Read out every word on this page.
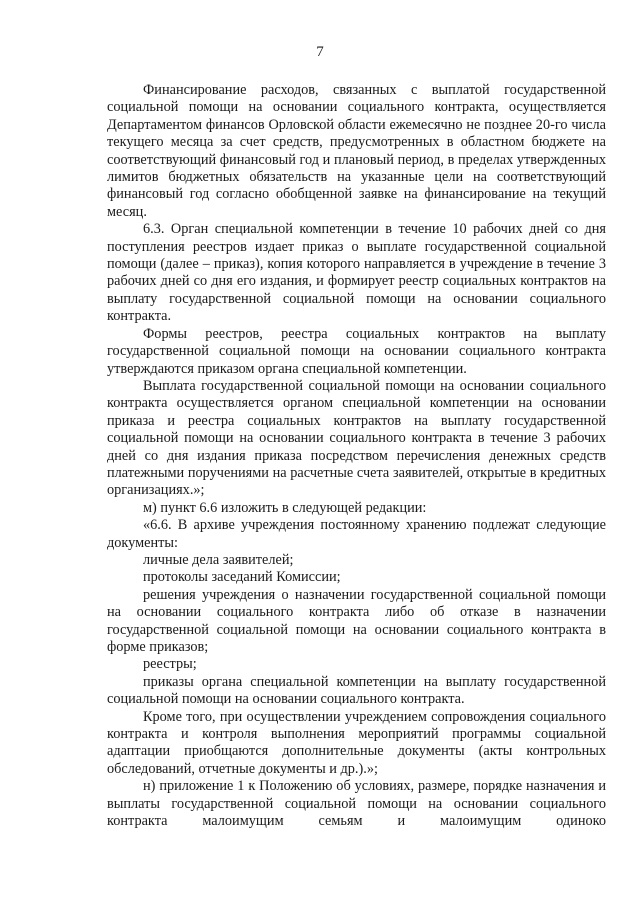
7

Финансирование расходов, связанных с выплатой государственной социальной помощи на основании социального контракта, осуществляется Департаментом финансов Орловской области ежемесячно не позднее 20-го числа текущего месяца за счет средств, предусмотренных в областном бюджете на соответствующий финансовый год и плановый период, в пределах утвержденных лимитов бюджетных обязательств на указанные цели на соответствующий финансовый год согласно обобщенной заявке на финансирование на текущий месяц.

6.3. Орган специальной компетенции в течение 10 рабочих дней со дня поступления реестров издает приказ о выплате государственной социальной помощи (далее – приказ), копия которого направляется в учреждение в течение 3 рабочих дней со дня его издания, и формирует реестр социальных контрактов на выплату государственной социальной помощи на основании социального контракта.

Формы реестров, реестра социальных контрактов на выплату государственной социальной помощи на основании социального контракта утверждаются приказом органа специальной компетенции.

Выплата государственной социальной помощи на основании социального контракта осуществляется органом специальной компетенции на основании приказа и реестра социальных контрактов на выплату государственной социальной помощи на основании социального контракта в течение 3 рабочих дней со дня издания приказа посредством перечисления денежных средств платежными поручениями на расчетные счета заявителей, открытые в кредитных организациях.»;

м) пункт 6.6 изложить в следующей редакции:

«6.6. В архиве учреждения постоянному хранению подлежат следующие документы:

личные дела заявителей;

протоколы заседаний Комиссии;

решения учреждения о назначении государственной социальной помощи на основании социального контракта либо об отказе в назначении государственной социальной помощи на основании социального контракта в форме приказов;

реестры;

приказы органа специальной компетенции на выплату государственной социальной помощи на основании социального контракта.

Кроме того, при осуществлении учреждением сопровождения социального контракта и контроля выполнения мероприятий программы социальной адаптации приобщаются дополнительные документы (акты контрольных обследований, отчетные документы и др.).»;

н) приложение 1 к Положению об условиях, размере, порядке назначения и выплаты государственной социальной помощи на основании социального контракта малоимущим семьям и малоимущим одиноко
